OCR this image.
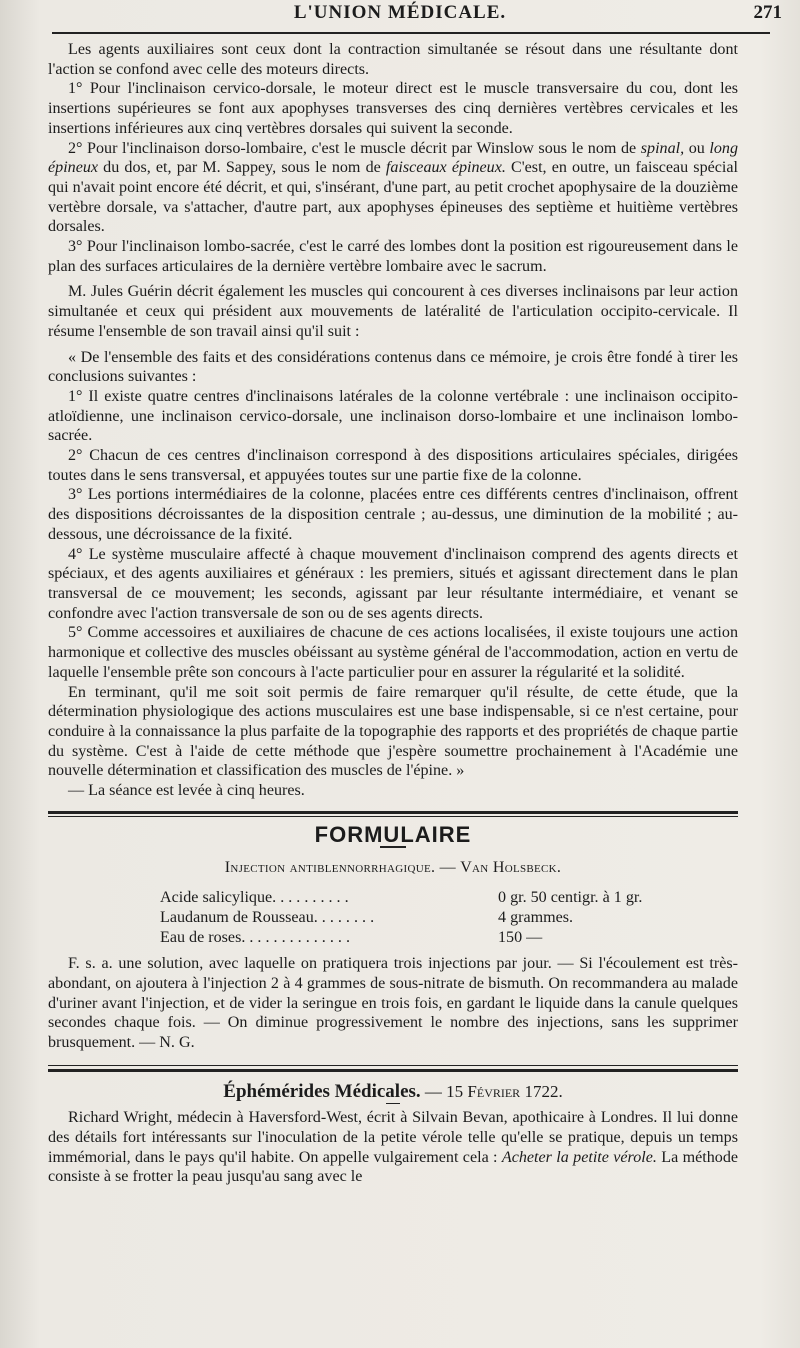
L'UNION MÉDICALE.	271

Les agents auxiliaires sont ceux dont la contraction simultanée se résout dans une résultante dont l'action se confond avec celle des moteurs directs.

1° Pour l'inclinaison cervico-dorsale, le moteur direct est le muscle transversaire du cou, dont les insertions supérieures se font aux apophyses transverses des cinq dernières vertèbres cervicales et les insertions inférieures aux cinq vertèbres dorsales qui suivent la seconde.

2° Pour l'inclinaison dorso-lombaire, c'est le muscle décrit par Winslow sous le nom de spinal, ou long épineux du dos, et, par M. Sappey, sous le nom de faisceaux épineux. C'est, en outre, un faisceau spécial qui n'avait point encore été décrit, et qui, s'insérant, d'une part, au petit crochet apophysaire de la douzième vertèbre dorsale, va s'attacher, d'autre part, aux apophyses épineuses des septième et huitième vertèbres dorsales.

3° Pour l'inclinaison lombo-sacrée, c'est le carré des lombes dont la position est rigoureusement dans le plan des surfaces articulaires de la dernière vertèbre lombaire avec le sacrum.

M. Jules Guérin décrit également les muscles qui concourent à ces diverses inclinaisons par leur action simultanée et ceux qui président aux mouvements de latéralité de l'articulation occipito-cervicale. Il résume l'ensemble de son travail ainsi qu'il suit :

« De l'ensemble des faits et des considérations contenus dans ce mémoire, je crois être fondé à tirer les conclusions suivantes :

1° Il existe quatre centres d'inclinaisons latérales de la colonne vertébrale : une inclinaison occipito-atloïdienne, une inclinaison cervico-dorsale, une inclinaison dorso-lombaire et une inclinaison lombo-sacrée.

2° Chacun de ces centres d'inclinaison correspond à des dispositions articulaires spéciales, dirigées toutes dans le sens transversal, et appuyées toutes sur une partie fixe de la colonne.

3° Les portions intermédiaires de la colonne, placées entre ces différents centres d'inclinaison, offrent des dispositions décroissantes de la disposition centrale ; au-dessus, une diminution de la mobilité ; au-dessous, une décroissance de la fixité.

4° Le système musculaire affecté à chaque mouvement d'inclinaison comprend des agents directs et spéciaux, et des agents auxiliaires et généraux : les premiers, situés et agissant directement dans le plan transversal de ce mouvement; les seconds, agissant par leur résultante intermédiaire, et venant se confondre avec l'action transversale de son ou de ses agents directs.

5° Comme accessoires et auxiliaires de chacune de ces actions localisées, il existe toujours une action harmonique et collective des muscles obéissant au système général de l'accommodation, action en vertu de laquelle l'ensemble prête son concours à l'acte particulier pour en assurer la régularité et la solidité.

En terminant, qu'il me soit soit permis de faire remarquer qu'il résulte, de cette étude, que la détermination physiologique des actions musculaires est une base indispensable, si ce n'est certaine, pour conduire à la connaissance la plus parfaite de la topographie des rapports et des propriétés de chaque partie du système. C'est à l'aide de cette méthode que j'espère soumettre prochainement à l'Académie une nouvelle détermination et classification des muscles de l'épine. »

— La séance est levée à cinq heures.

FORMULAIRE
Injection antiblennorrhagique. — Van Holsbeck.
Acide salicylique. . . . . . . . . .	0 gr. 50 centigr. à 1 gr.
Laudanum de Rousseau. . . . . . . .	4 grammes.
Eau de roses. . . . . . . . . . . . . .	150 —

F. s. a. une solution, avec laquelle on pratiquera trois injections par jour. — Si l'écoulement est très-abondant, on ajoutera à l'injection 2 à 4 grammes de sous-nitrate de bismuth. On recommandera au malade d'uriner avant l'injection, et de vider la seringue en trois fois, en gardant le liquide dans la canule quelques secondes chaque fois. — On diminue progressivement le nombre des injections, sans les supprimer brusquement. — N. G.

Éphémérides Médicales. — 15 Février 1722.

Richard Wright, médecin à Haversford-West, écrit à Silvain Bevan, apothicaire à Londres. Il lui donne des détails fort intéressants sur l'inoculation de la petite vérole telle qu'elle se pratique, depuis un temps immémorial, dans le pays qu'il habite. On appelle vulgairement cela : Acheter la petite vérole. La méthode consiste à se frotter la peau jusqu'au sang avec le
